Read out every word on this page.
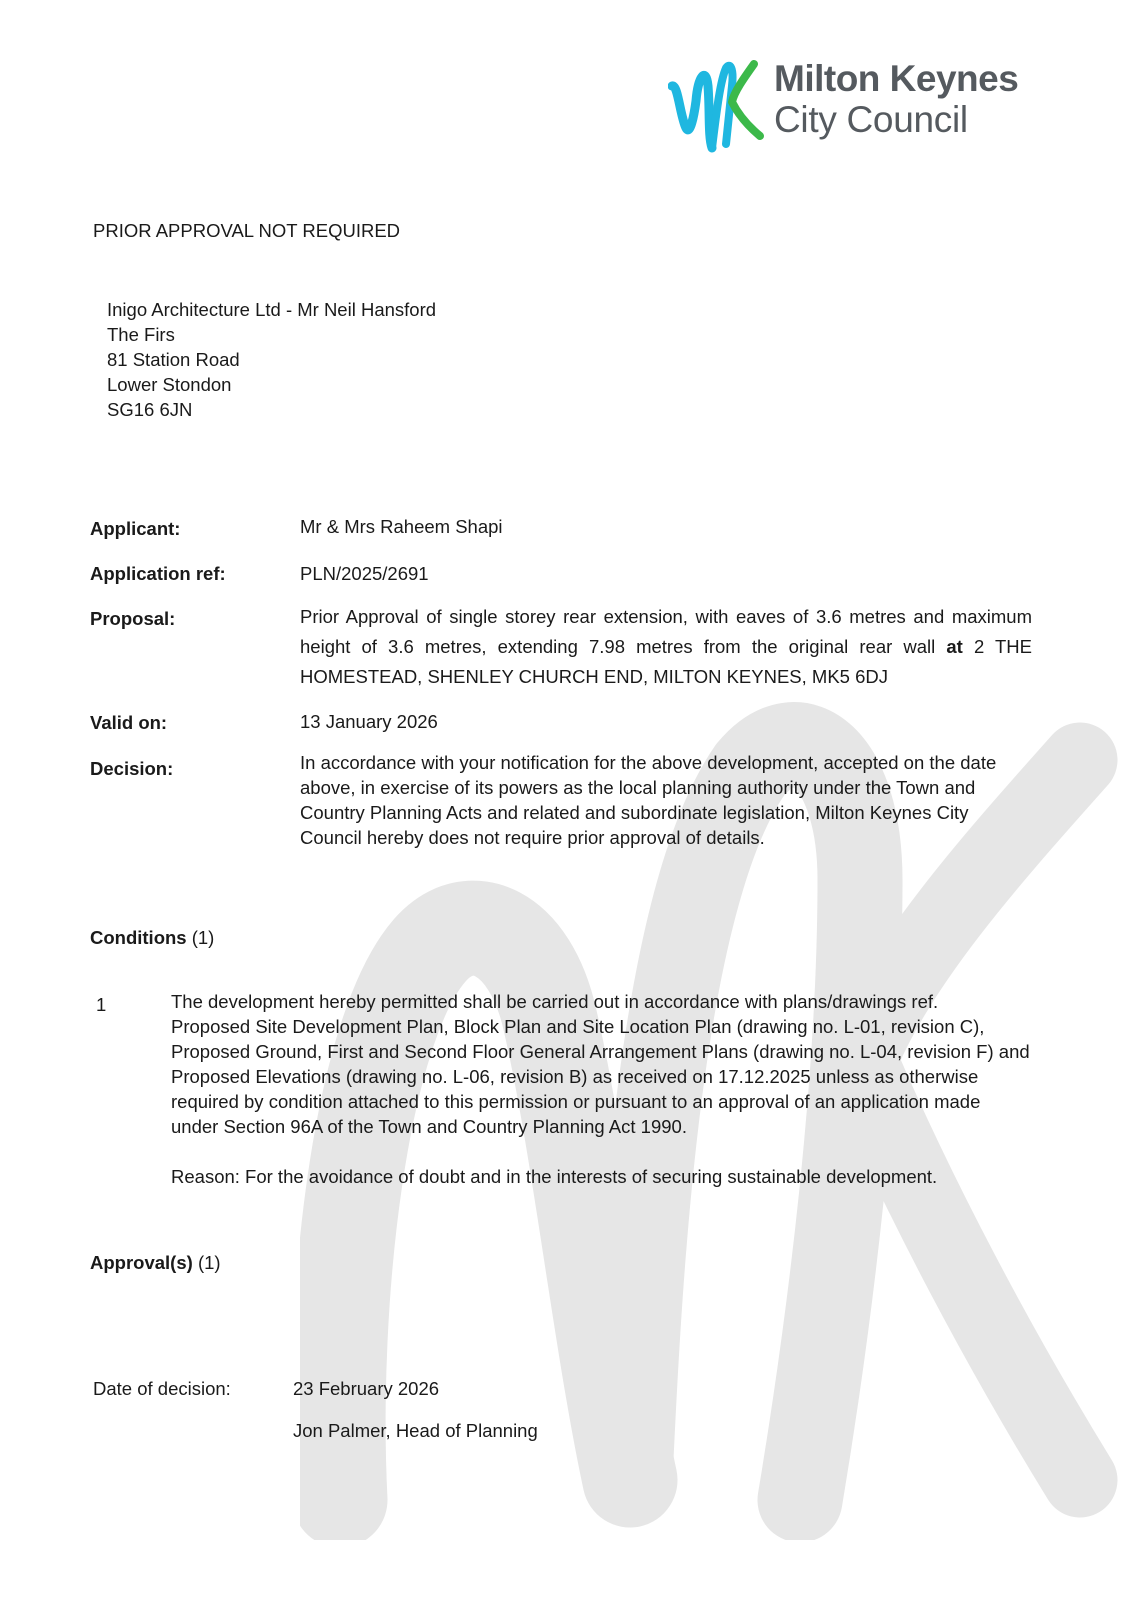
Milton Keynes
City Council
PRIOR APPROVAL NOT REQUIRED
Inigo Architecture Ltd - Mr Neil Hansford
The Firs
81 Station Road
Lower Stondon
SG16 6JN
Applicant:	Mr & Mrs Raheem Shapi
Application ref:	PLN/2025/2691
Proposal:	Prior Approval of single storey rear extension, with eaves of 3.6 metres and maximum height of 3.6 metres, extending 7.98 metres from the original rear wall at 2 THE HOMESTEAD, SHENLEY CHURCH END, MILTON KEYNES, MK5 6DJ
Valid on:	13 January 2026
Decision:	In accordance with your notification for the above development, accepted on the date
above, in exercise of its powers as the local planning authority under the Town and
Country Planning Acts and related and subordinate legislation, Milton Keynes City
Council hereby does not require prior approval of details.
Conditions (1)
1	The development hereby permitted shall be carried out in accordance with plans/drawings ref.
Proposed Site Development Plan, Block Plan and Site Location Plan (drawing no. L-01, revision C),
Proposed Ground, First and Second Floor General Arrangement Plans (drawing no. L-04, revision F) and
Proposed Elevations (drawing no. L-06, revision B) as received on 17.12.2025 unless as otherwise
required by condition attached to this permission or pursuant to an approval of an application made
under Section 96A of the Town and Country Planning Act 1990.
Reason: For the avoidance of doubt and in the interests of securing sustainable development.
Approval(s) (1)
Date of decision:	23 February 2026
Jon Palmer, Head of Planning
